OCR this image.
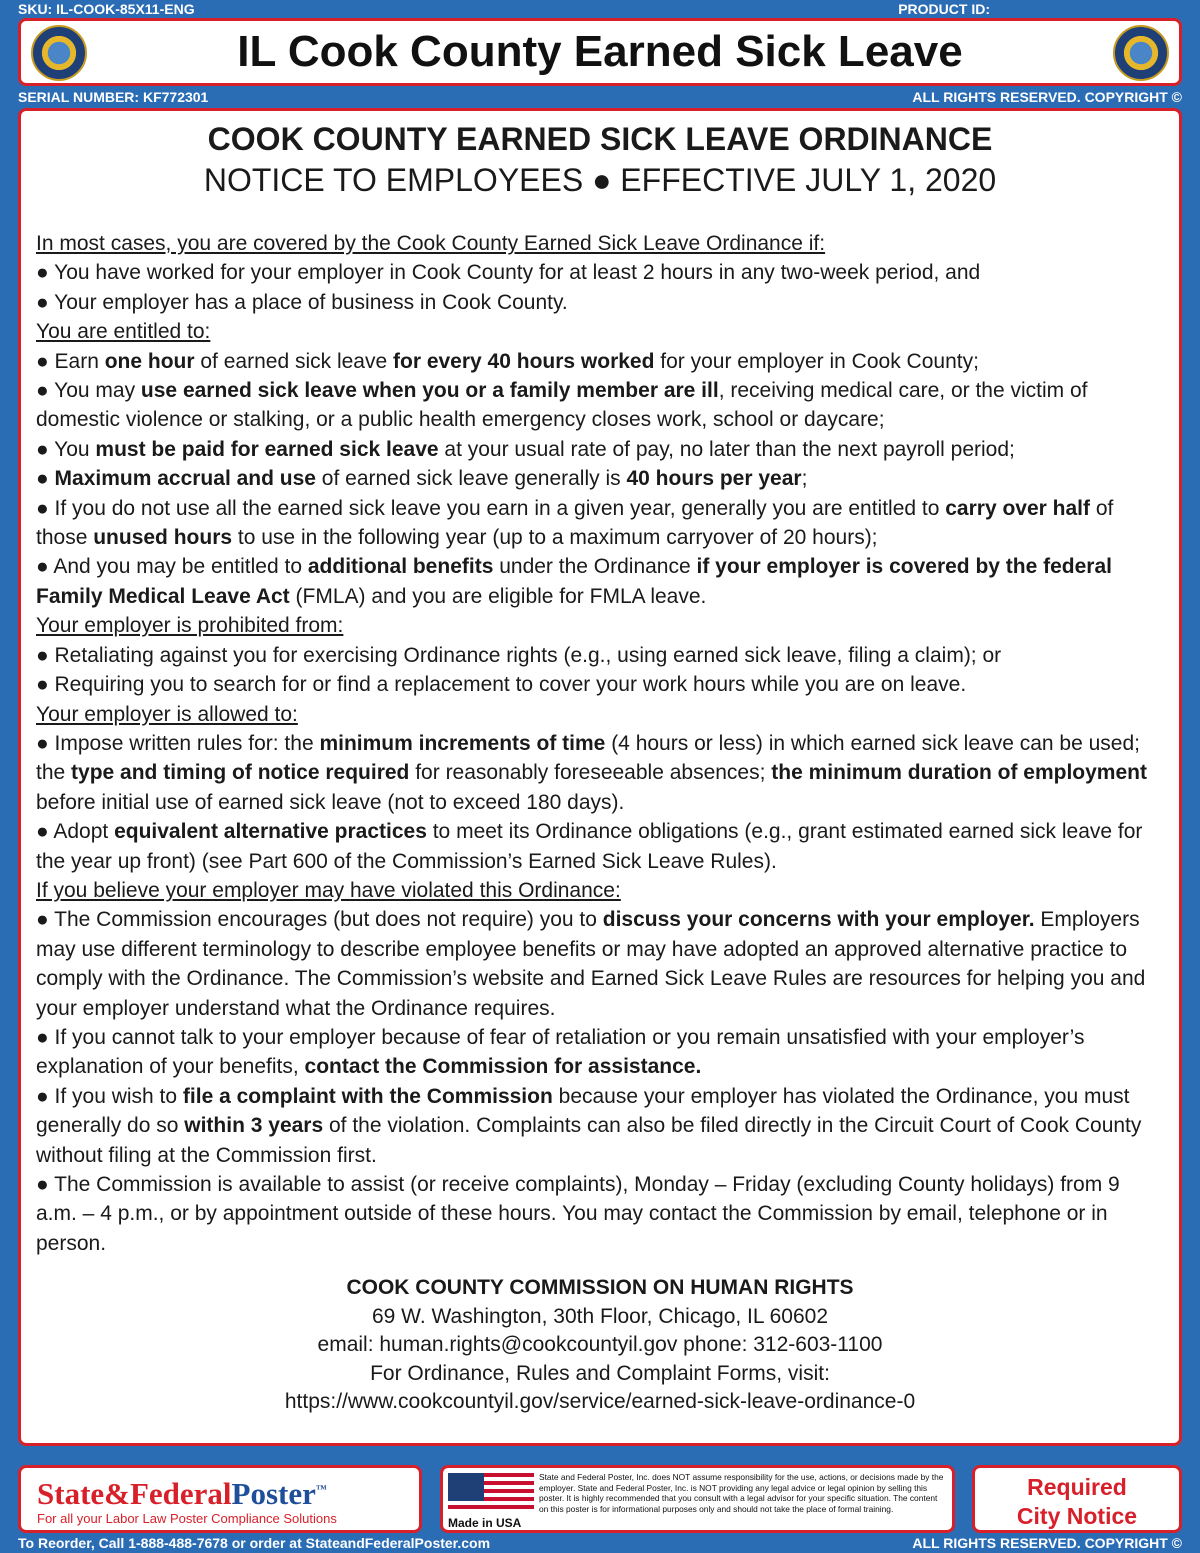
SKU: IL-COOK-85X11-ENG	PRODUCT ID:
IL Cook County Earned Sick Leave
SERIAL NUMBER: KF772301	ALL RIGHTS RESERVED. COPYRIGHT ©
COOK COUNTY EARNED SICK LEAVE ORDINANCE
NOTICE TO EMPLOYEES ● EFFECTIVE JULY 1, 2020

In most cases, you are covered by the Cook County Earned Sick Leave Ordinance if:

● You have worked for your employer in Cook County for at least 2 hours in any two-week period, and

● Your employer has a place of business in Cook County.

You are entitled to:

● Earn one hour of earned sick leave for every 40 hours worked for your employer in Cook County;

● You may use earned sick leave when you or a family member are ill, receiving medical care, or the victim of domestic violence or stalking, or a public health emergency closes work, school or daycare;

● You must be paid for earned sick leave at your usual rate of pay, no later than the next payroll period;

● Maximum accrual and use of earned sick leave generally is 40 hours per year;

● If you do not use all the earned sick leave you earn in a given year, generally you are entitled to carry over half of those unused hours to use in the following year (up to a maximum carryover of 20 hours);

● And you may be entitled to additional benefits under the Ordinance if your employer is covered by the federal Family Medical Leave Act (FMLA) and you are eligible for FMLA leave.

Your employer is prohibited from:

● Retaliating against you for exercising Ordinance rights (e.g., using earned sick leave, filing a claim); or

● Requiring you to search for or find a replacement to cover your work hours while you are on leave.

Your employer is allowed to:

● Impose written rules for: the minimum increments of time (4 hours or less) in which earned sick leave can be used; the type and timing of notice required for reasonably foreseeable absences; the minimum duration of employment before initial use of earned sick leave (not to exceed 180 days).

● Adopt equivalent alternative practices to meet its Ordinance obligations (e.g., grant estimated earned sick leave for the year up front) (see Part 600 of the Commission’s Earned Sick Leave Rules).

If you believe your employer may have violated this Ordinance:

● The Commission encourages (but does not require) you to discuss your concerns with your employer. Employers may use different terminology to describe employee benefits or may have adopted an approved alternative practice to comply with the Ordinance. The Commission’s website and Earned Sick Leave Rules are resources for helping you and your employer understand what the Ordinance requires.

● If you cannot talk to your employer because of fear of retaliation or you remain unsatisfied with your employer’s explanation of your benefits, contact the Commission for assistance.

● If you wish to file a complaint with the Commission because your employer has violated the Ordinance, you must generally do so within 3 years of the violation. Complaints can also be filed directly in the Circuit Court of Cook County without filing at the Commission first.

● The Commission is available to assist (or receive complaints), Monday – Friday (excluding County holidays) from 9 a.m. – 4 p.m., or by appointment outside of these hours. You may contact the Commission by email, telephone or in person.

COOK COUNTY COMMISSION ON HUMAN RIGHTS
69 W. Washington, 30th Floor, Chicago, IL 60602
email: human.rights@cookcountyil.gov phone: 312-603-1100
For Ordinance, Rules and Complaint Forms, visit:
https://www.cookcountyil.gov/service/earned-sick-leave-ordinance-0
State&FederalPoster™
For all your Labor Law Poster Compliance Solutions	Made in USA
State and Federal Poster, Inc. does NOT assume responsibility for the use, actions, or decisions made by the employer. State and Federal Poster, Inc. is NOT providing any legal advice or legal opinion by selling this poster. It is highly recommended that you consult with a legal advisor for your specific situation. The content on this poster is for informational purposes only and should not take the place of formal training.
Required
City Notice
To Reorder, Call 1-888-488-7678 or order at StateandFederalPoster.com	ALL RIGHTS RESERVED. COPYRIGHT ©
